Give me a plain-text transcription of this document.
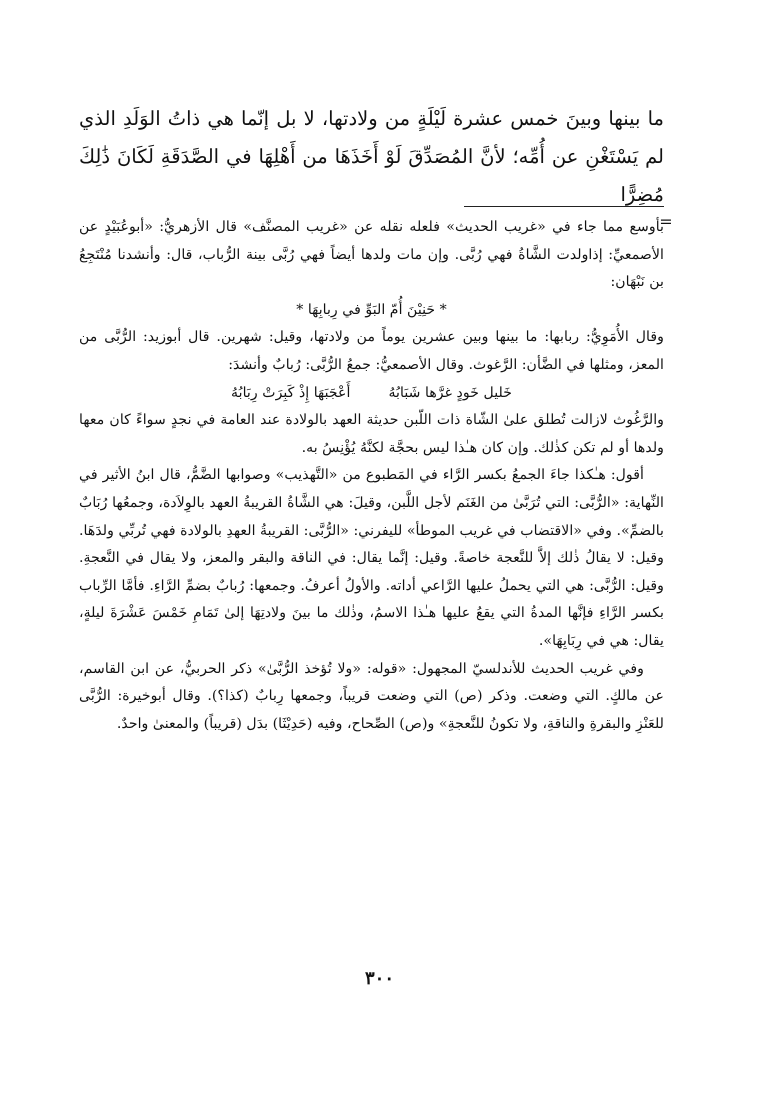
ما بينها وبينَ خمس عشرة لَيْلَةٍ من ولادتها، لا بل إنّما هي ذاتُ الوَلَدِ الذي لم يَسْتَغْنِ عن أُمِّه؛ لأنَّ المُصَدِّقَ لَوْ أَخَذَهَا من أَهْلِهَا في الصَّدَقَةِ لَكَانَ ذَٰلِكَ مُضِرًّا

=

بأوسع مما جاء في «غريب الحديث» فلعله نقله عن «غريب المصنَّف» قال الأزهريُّ: «أبوعُبَيْدٍ عن الأصمعيِّ: إذاولدت الشَّاةُ فهي رُبَّى. وإن مات ولدها أيضاً فهي رُبَّى بينة الرُّباب، قال: وأنشدنا مُنْتَجِعُ بن نَبْهَان:

* حَنِيْنَ أُمّ البَوِّ في رِبابِهَا *

وقال الأُمَوِيُّ: ربابها: ما بينها وبين عشرين يوماً من ولادتها، وقيل: شهرين. قال أبوزيد: الرُّبَّى من المعز، ومثلها في الضَّأن: الرَّغوث. وقال الأصمعيُّ: جمعُ الرُّبَّى: رُبابٌ وأنشدَ:

خَليل خَودٍ غرَّها شَبَابُهُ
أَعْجَبَهَا إِذْ كَبِرَتْ رِبَابُهُ

والرَّغُوث لازالت تُطلق علىٰ الشّاة ذات اللّبن حديثة العهد بالولادة عند العامة في نجدٍ سواءً كان معها ولدها أو لم تكن كذٰلك. وإن كان هـٰذا ليس بحجَّة لكنَّهُ يُؤْنِسُ به.

أقول: هـٰكذا جاءَ الجمعُ بكسر الرَّاء في المَطبوع من «التَّهذيب» وصوابها الضَّمُّ، قال ابنُ الأثير في النِّهاية: «الرُّبَّى: التي تُرَبَّىٰ من الغَنَم لأجل اللَّبن، وقيلَ: هي الشَّاةُ القريبةُ العهد بالوِلاَدة، وجمعُها رُبَابٌ بالضمِّ». وفي «الاقتضاب في غريب الموطأ» لليفرني: «الرُّبَّى: القريبةُ العهدِ بالولادة فهي تُربِّي ولدَهَا. وقيل: لا يقالُ ذٰلك إلاَّ للنَّعجة خاصةً. وقيل: إنَّما يقال: في الناقة والبقر والمعز، ولا يقال في النَّعجةِ. وقيل: الرُّبَّى: هي التي يحملُ عليها الرَّاعي أداته. والأولُ أعرفُ. وجمعها: رُبابٌ بضمِّ الرَّاءِ. فأمَّا الرِّباب بكسر الرَّاءِ فإنَّها المدةُ التي يقعُ عليها هـٰذا الاسمُ، وذٰلك ما بينَ ولادتِهَا إلىٰ تَمَامِ خَمْسَ عَشْرَةَ ليلةٍ، يقال: هي في رِبَابِهَا».

وفي غريب الحديث للأندلسيّ المجهول: «قوله: «ولا تُؤخذ الرُّبَّىٰ» ذكر الحربيُّ، عن ابن القاسم، عن مالكٍ. التي وضعت. وذكر (ص) التي وضعت قريباً، وجمعها رِبابٌ (كذا؟). وقال أبوخيرة: الرُّبَّى للعَنْزِ والبقرةِ والناقةِ، ولا تكونُ للنَّعجةِ» و(ص) الصِّحاح، وفيه (حَدِيْثَا) بدَل (قريباً) والمعنىٰ واحدٌ.

٣٠٠
